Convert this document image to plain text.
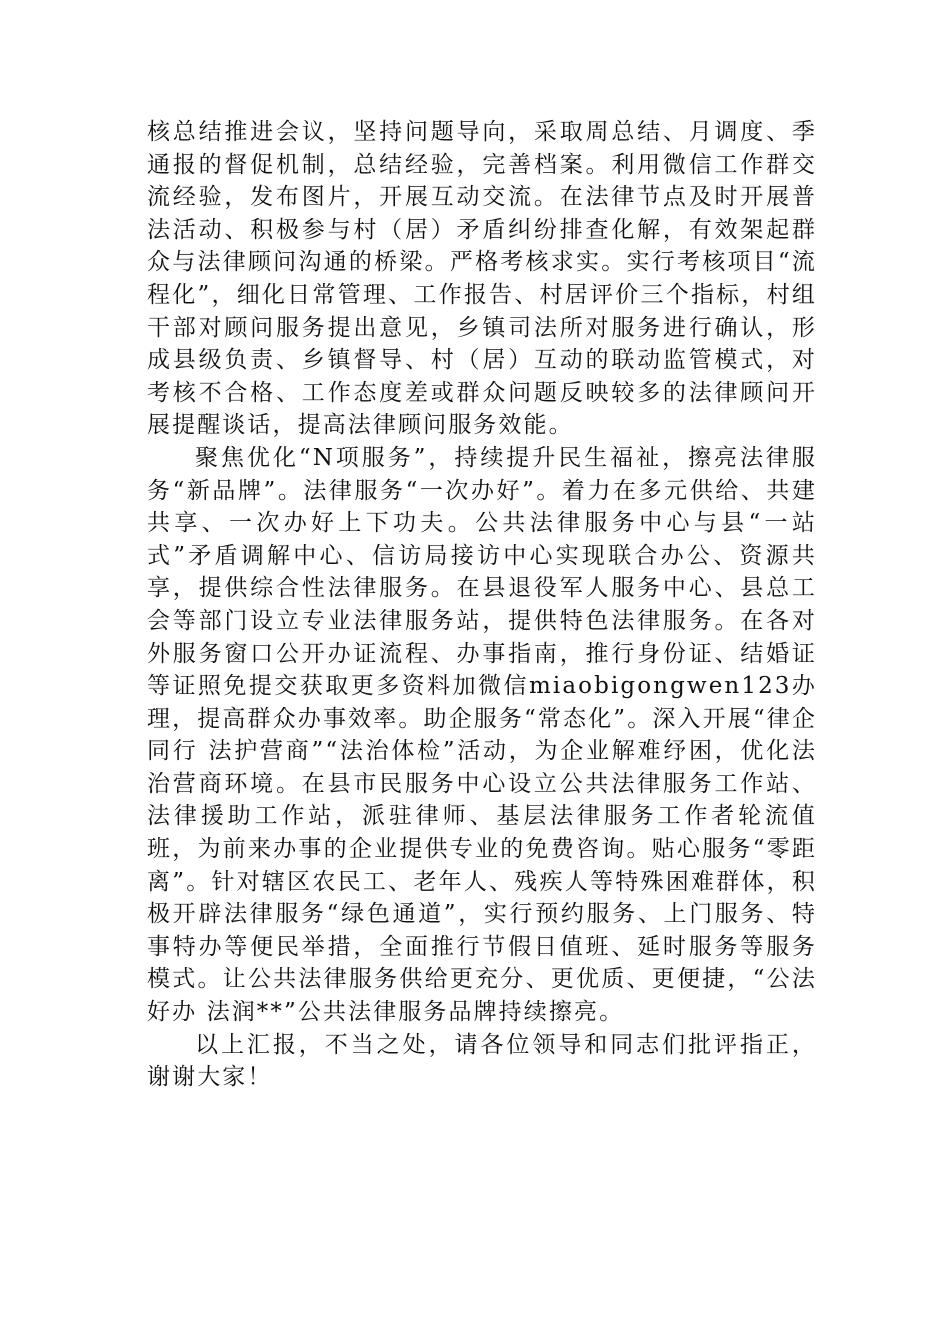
核总结推进会议，坚持问题导向，采取周总结、月调度、季通报的督促机制，总结经验，完善档案。利用微信工作群交流经验，发布图片，开展互动交流。在法律节点及时开展普法活动、积极参与村（居）矛盾纠纷排查化解，有效架起群众与法律顾问沟通的桥梁。严格考核求实。实行考核项目“流程化”，细化日常管理、工作报告、村居评价三个指标，村组干部对顾问服务提出意见，乡镇司法所对服务进行确认，形成县级负责、乡镇督导、村（居）互动的联动监管模式，对考核不合格、工作态度差或群众问题反映较多的法律顾问开展提醒谈话，提高法律顾问服务效能。

聚焦优化“N项服务”，持续提升民生福祉，擦亮法律服务“新品牌”。法律服务“一次办好”。着力在多元供给、共建共享、一次办好上下功夫。公共法律服务中心与县“一站式”矛盾调解中心、信访局接访中心实现联合办公、资源共享，提供综合性法律服务。在县退役军人服务中心、县总工会等部门设立专业法律服务站，提供特色法律服务。在各对外服务窗口公开办证流程、办事指南，推行身份证、结婚证等证照免提交获取更多资料加微信miaobigongwen123办理，提高群众办事效率。助企服务“常态化”。深入开展“律企同行 法护营商”“法治体检”活动，为企业解难纾困，优化法治营商环境。在县市民服务中心设立公共法律服务工作站、法律援助工作站，派驻律师、基层法律服务工作者轮流值班，为前来办事的企业提供专业的免费咨询。贴心服务“零距离”。针对辖区农民工、老年人、残疾人等特殊困难群体，积极开辟法律服务“绿色通道”，实行预约服务、上门服务、特事特办等便民举措，全面推行节假日值班、延时服务等服务模式。让公共法律服务供给更充分、更优质、更便捷，“公法好办 法润**”公共法律服务品牌持续擦亮。

以上汇报，不当之处，请各位领导和同志们批评指正，谢谢大家！
